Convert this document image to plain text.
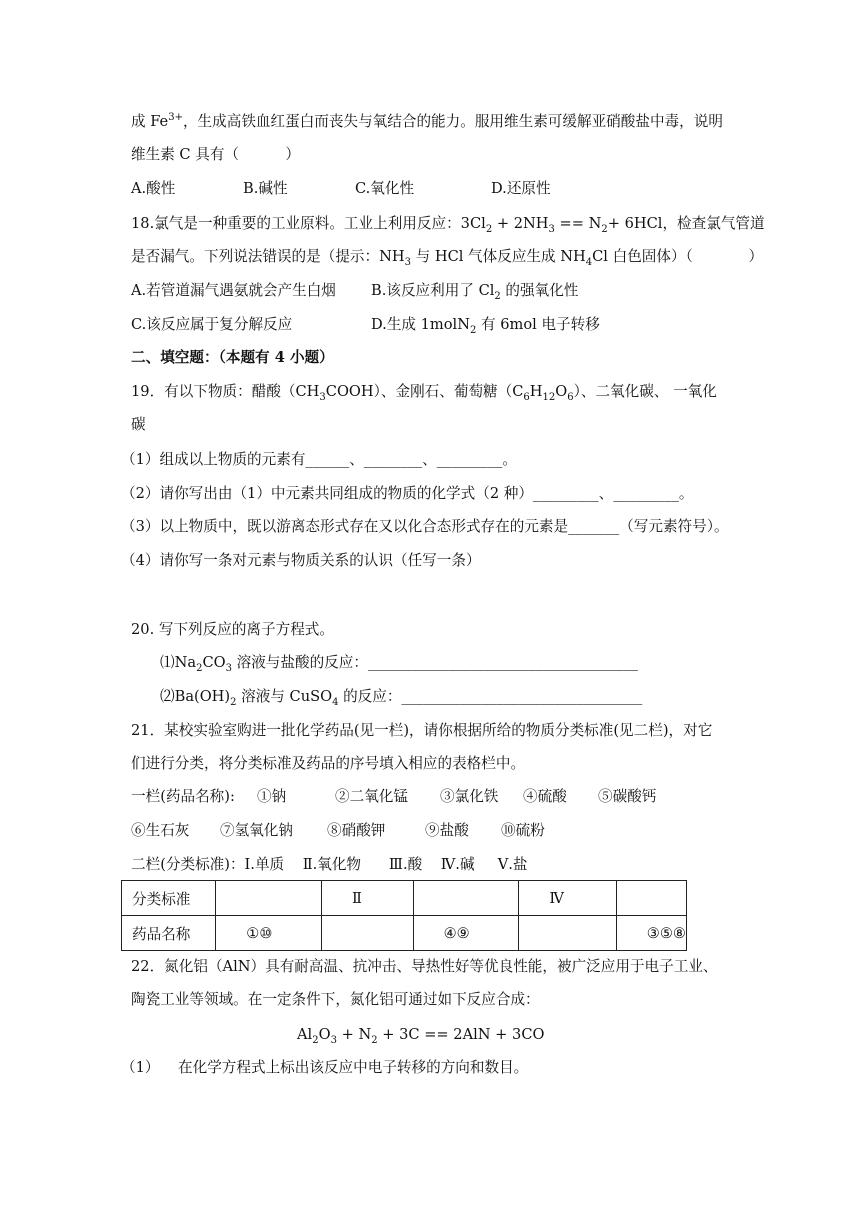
成 $Fe^{3+}$，生成高铁血红蛋白而丧失与氧结合的能力。服用维生素可缓解亚硝酸盐中毒，说明
维生素 C 具有（          ）
A.酸性	B.碱性	C.氧化性	D.还原性
18.氯气是一种重要的工业原料。工业上利用反应：$3Cl_2 + 2NH_3 == N_2+ 6HCl$，检查氯气管道
是否漏气。下列说法错误的是（提示：$NH_3$ 与 HCl 气体反应生成 $NH_4Cl$ 白色固体）（            ）
A.若管道漏气遇氨就会产生白烟 B.该反应利用了 $Cl_2$ 的强氧化性
C.该反应属于复分解反应	D.生成 1molN$_2$ 有 6mol 电子转移
二、填空题：（本题有 4 小题）
19．有以下物质：醋酸$(CH_3COOH)$、金刚石、葡萄糖$(C_6H_{12}O_6)$、二氧化碳、 一氧化
碳
（1）组成以上物质的元素有______、________、_________。
（2）请你写出由（1）中元素共同组成的物质的化学式（2 种）_________、_________。
（3）以上物质中，既以游离态形式存在又以化合态形式存在的元素是_______（写元素符号）。
（4）请你写一条对元素与物质关系的认识（任写一条）
20. 写下列反应的离子方程式。
$⑴Na_2CO_3$ 溶液与盐酸的反应：_____________________________________
$⑵Ba(OH)_2$ 溶液与 CuSO$_4$ 的反应：_________________________________
21．某校实验室购进一批化学药品(见一栏)，请你根据所给的物质分类标准(见二栏)，对它
们进行分类，将分类标准及药品的序号填入相应的表格栏中。
一栏(药品名称): ①钠	②二氧化锰 ③氯化铁 ④硫酸 ⑤碳酸钙
⑥生石灰 ⑦氢氧化钠 ⑧硝酸钾	⑨盐酸 ⑩硫粉
二栏(分类标准)：Ⅰ.单质    Ⅱ.氧化物      Ⅲ.酸    Ⅳ.碱     Ⅴ.盐
分类标准		Ⅱ		Ⅳ	
药品名称	①⑩		④⑨		③⑤⑧
22．氮化铝（AlN）具有耐高温、抗冲击、导热性好等优良性能，被广泛应用于电子工业、
陶瓷工业等领域。在一定条件下，氮化铝可通过如下反应合成：
$Al_2O_3 + N_2 + 3C == 2AlN + 3CO$
（1）    在化学方程式上标出该反应中电子转移的方向和数目。
